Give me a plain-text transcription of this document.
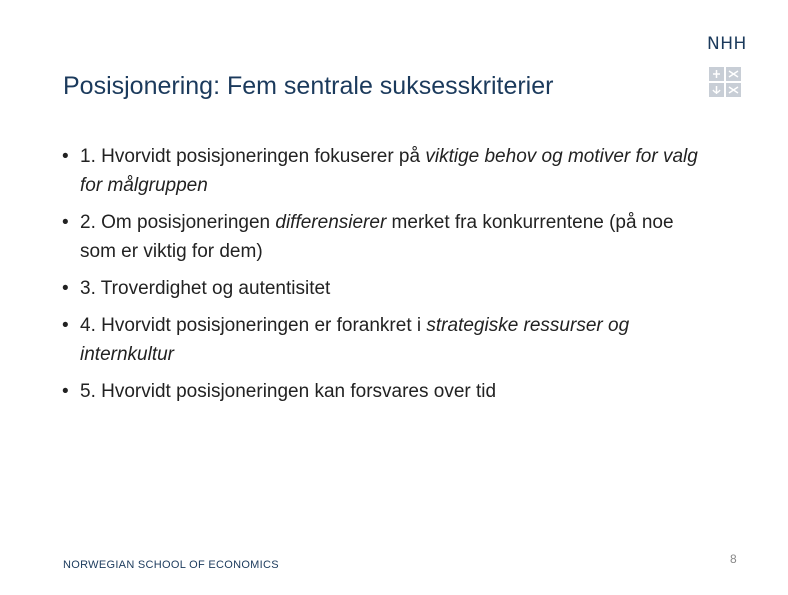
NHH
Posisjonering: Fem sentrale suksesskriterier
• 1. Hvorvidt posisjoneringen fokuserer på viktige behov og motiver for valg for målgruppen
• 2. Om posisjoneringen differensierer merket fra konkurrentene (på noe som er viktig for dem)
• 3. Troverdighet og autentisitet
• 4. Hvorvidt posisjoneringen er forankret i strategiske ressurser og internkultur
• 5. Hvorvidt posisjoneringen kan forsvares over tid
NORWEGIAN SCHOOL OF ECONOMICS	8
